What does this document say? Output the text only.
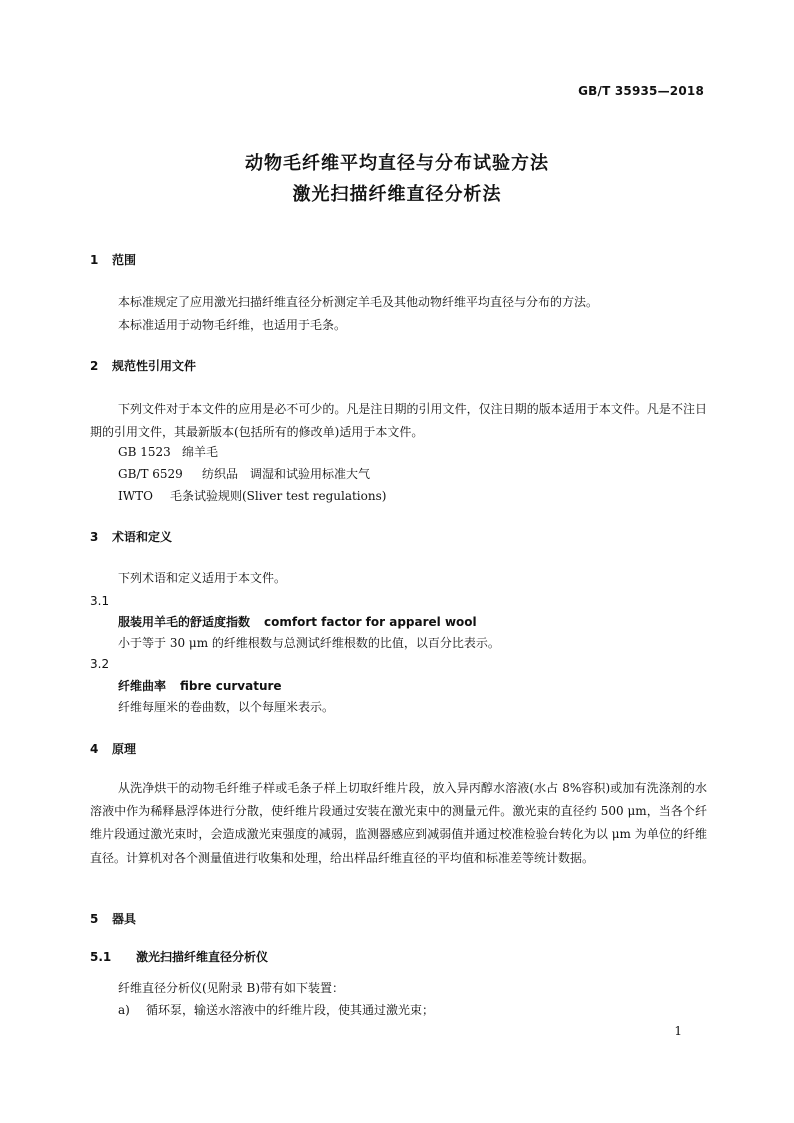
GB/T 35935—2018
动物毛纤维平均直径与分布试验方法
激光扫描纤维直径分析法
1 范围
本标准规定了应用激光扫描纤维直径分析测定羊毛及其他动物纤维平均直径与分布的方法。
本标准适用于动物毛纤维，也适用于毛条。
2 规范性引用文件
下列文件对于本文件的应用是必不可少的。凡是注日期的引用文件，仅注日期的版本适用于本文件。凡是不注日期的引用文件，其最新版本(包括所有的修改单)适用于本文件。
GB 1523 绵羊毛
GB/T 6529 纺织品　调湿和试验用标准大气
IWTO 毛条试验规则(Sliver test regulations)
3 术语和定义
下列术语和定义适用于本文件。
3.1
服装用羊毛的舒适度指数 comfort factor for apparel wool
小于等于 30 μm 的纤维根数与总测试纤维根数的比值，以百分比表示。
3.2
纤维曲率 fibre curvature
纤维每厘米的卷曲数，以个每厘米表示。
4 原理
从洗净烘干的动物毛纤维子样或毛条子样上切取纤维片段，放入异丙醇水溶液(水占 8%容积)或加有洗涤剂的水溶液中作为稀释悬浮体进行分散，使纤维片段通过安装在激光束中的测量元件。激光束的直径约 500 μm，当各个纤维片段通过激光束时，会造成激光束强度的减弱，监测器感应到减弱值并通过校准检验台转化为以 μm 为单位的纤维直径。计算机对各个测量值进行收集和处理，给出样品纤维直径的平均值和标准差等统计数据。
5 器具
5.1 激光扫描纤维直径分析仪
纤维直径分析仪(见附录 B)带有如下装置：
a) 循环泵，输送水溶液中的纤维片段，使其通过激光束；
1
